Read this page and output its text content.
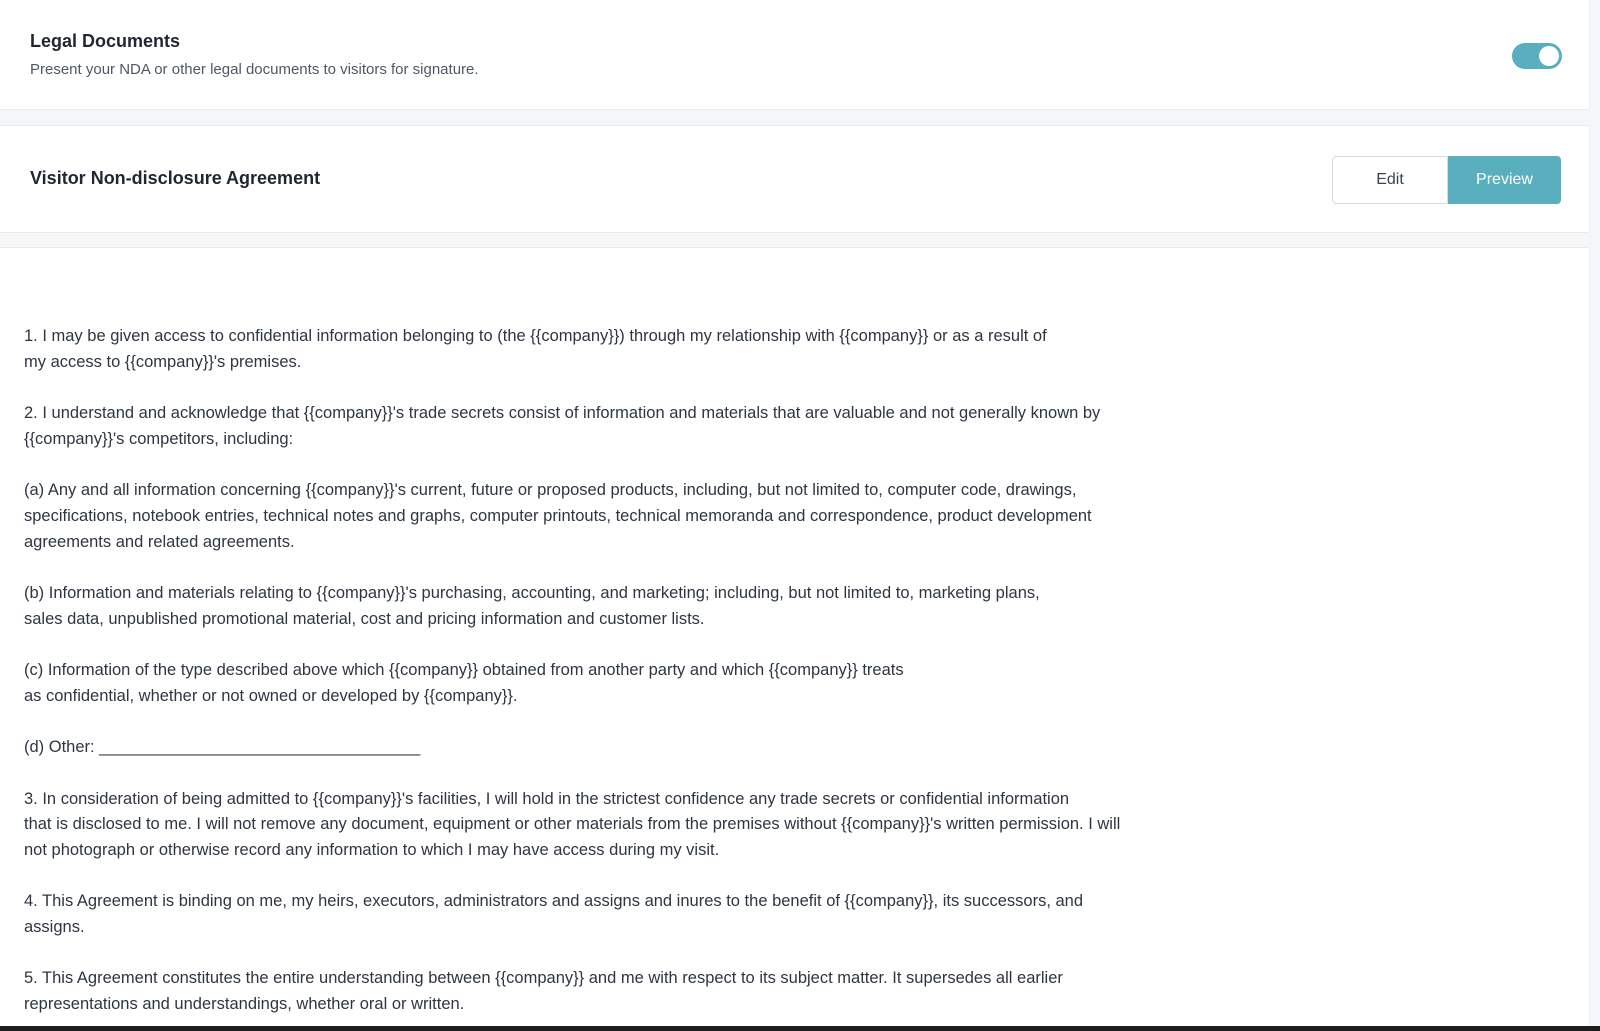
Legal Documents
Present your NDA or other legal documents to visitors for signature.
Visitor Non-disclosure Agreement	Edit	Preview

1. I may be given access to confidential information belonging to (the {{company}}) through my relationship with {{company}} or as a result of
my access to {{company}}'s premises.

2. I understand and acknowledge that {{company}}'s trade secrets consist of information and materials that are valuable and not generally known by
{{company}}'s competitors, including:

(a) Any and all information concerning {{company}}'s current, future or proposed products, including, but not limited to, computer code, drawings,
specifications, notebook entries, technical notes and graphs, computer printouts, technical memoranda and correspondence, product development
agreements and related agreements.

(b) Information and materials relating to {{company}}'s purchasing, accounting, and marketing; including, but not limited to, marketing plans,
sales data, unpublished promotional material, cost and pricing information and customer lists.

(c) Information of the type described above which {{company}} obtained from another party and which {{company}} treats
as confidential, whether or not owned or developed by {{company}}.

(d) Other: ___________________________________

3. In consideration of being admitted to {{company}}'s facilities, I will hold in the strictest confidence any trade secrets or confidential information
that is disclosed to me. I will not remove any document, equipment or other materials from the premises without {{company}}'s written permission. I will
not photograph or otherwise record any information to which I may have access during my visit.

4. This Agreement is binding on me, my heirs, executors, administrators and assigns and inures to the benefit of {{company}}, its successors, and
assigns.

5. This Agreement constitutes the entire understanding between {{company}} and me with respect to its subject matter. It supersedes all earlier
representations and understandings, whether oral or written.
